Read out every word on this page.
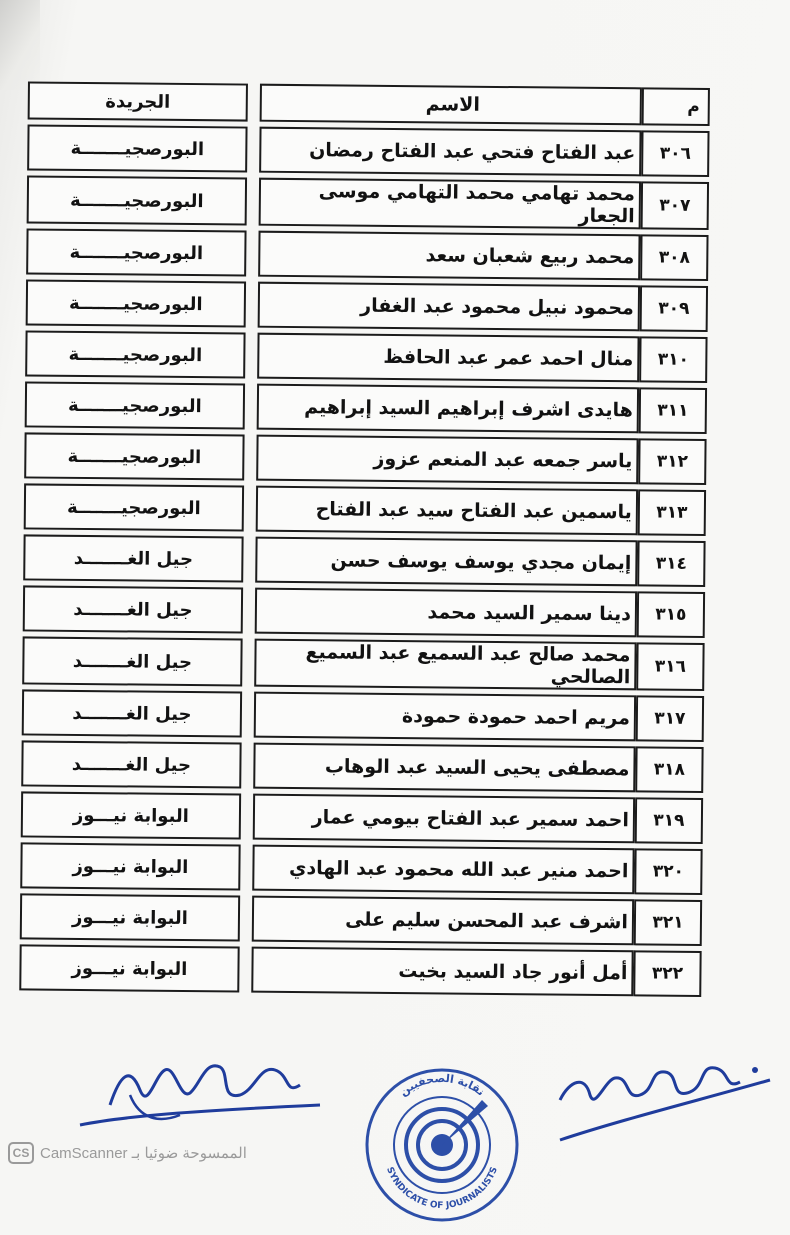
م	الاسم		الجريدة
٣٠٦	عبد الفتاح فتحي عبد الفتاح رمضان		البورصجيـــــــة
٣٠٧	محمد تهامي محمد التهامي موسى الجعار		البورصجيـــــــة
٣٠٨	محمد ربيع شعبان سعد		البورصجيـــــــة
٣٠٩	محمود نبيل محمود عبد الغفار		البورصجيـــــــة
٣١٠	منال احمد عمر عبد الحافظ		البورصجيـــــــة
٣١١	هايدى اشرف إبراهيم السيد إبراهيم		البورصجيـــــــة
٣١٢	ياسر جمعه عبد المنعم عزوز		البورصجيـــــــة
٣١٣	ياسمين عبد الفتاح سيد عبد الفتاح		البورصجيـــــــة
٣١٤	إيمان مجدي يوسف يوسف حسن		جيل الغـــــــد
٣١٥	دينا سمير السيد محمد		جيل الغـــــــد
٣١٦	محمد صالح عبد السميع عبد السميع الصالحي		جيل الغـــــــد
٣١٧	مريم احمد حمودة حمودة		جيل الغـــــــد
٣١٨	مصطفى يحيى السيد عبد الوهاب		جيل الغـــــــد
٣١٩	احمد سمير عبد الفتاح بيومي عمار		البوابة نيـــوز
٣٢٠	احمد منير عبد الله محمود عبد الهادي		البوابة نيـــوز
٣٢١	اشرف عبد المحسن سليم على		البوابة نيـــوز
٣٢٢	أمل أنور جاد السيد بخيت		البوابة نيـــوز
نقابة الصحفيين
SYNDICATE OF JOURNALISTS
CS الممسوحة ضوئيا بـ CamScanner
